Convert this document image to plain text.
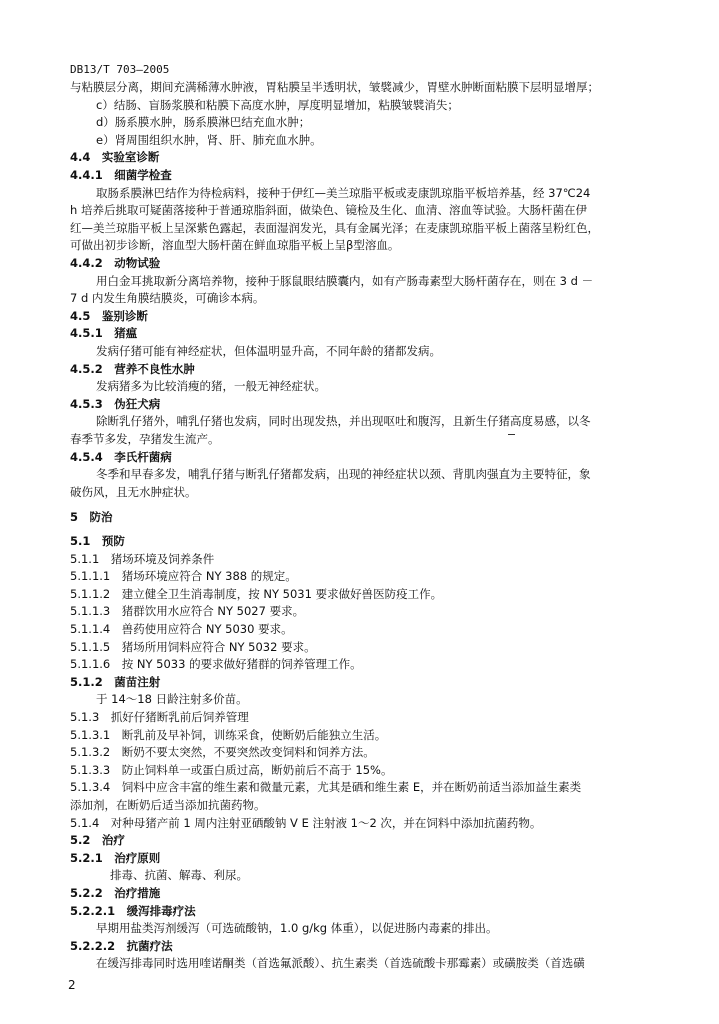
DB13/T 703—2005
与粘膜层分离，期间充满稀薄水肿液，胃粘膜呈半透明状，皱襞减少，胃壁水肿断面粘膜下层明显增厚；
c）结肠、盲肠浆膜和粘膜下高度水肿，厚度明显增加，粘膜皱襞消失；
d）肠系膜水肿，肠系膜淋巴结充血水肿；
e）肾周围组织水肿，肾、肝、肺充血水肿。
4.4　实验室诊断
4.4.1　细菌学检查
取肠系膜淋巴结作为待检病料，接种于伊红—美兰琼脂平板或麦康凯琼脂平板培养基，经 37℃24
h 培养后挑取可疑菌落接种于普通琼脂斜面，做染色、镜检及生化、血清、溶血等试验。大肠杆菌在伊
红—美兰琼脂平板上呈深紫色露起，表面湿润发光，具有金属光泽；在麦康凯琼脂平板上菌落呈粉红色，
可做出初步诊断，溶血型大肠杆菌在鲜血琼脂平板上呈β型溶血。
4.4.2　动物试验
用白金耳挑取新分离培养物，接种于豚鼠眼结膜囊内，如有产肠毒素型大肠杆菌存在，则在 3 d －
7 d 内发生角膜结膜炎，可确诊本病。
4.5　鉴别诊断
4.5.1　猪瘟
发病仔猪可能有神经症状，但体温明显升高，不同年龄的猪都发病。
4.5.2　营养不良性水肿
发病猪多为比较消瘦的猪，一般无神经症状。
4.5.3　伪狂犬病
除断乳仔猪外，哺乳仔猪也发病，同时出现发热，并出现呕吐和腹泻，且新生仔猪高度易感，以冬
春季节多发，孕猪发生流产。
4.5.4　李氏杆菌病
冬季和早春多发，哺乳仔猪与断乳仔猪都发病，出现的神经症状以颈、背肌肉强直为主要特征，象
破伤风，且无水肿症状。
5　防治
5.1　预防
5.1.1　猪场环境及饲养条件
5.1.1.1　猪场环境应符合 NY 388 的规定。
5.1.1.2　建立健全卫生消毒制度，按 NY 5031 要求做好兽医防疫工作。
5.1.1.3　猪群饮用水应符合 NY 5027 要求。
5.1.1.4　兽药使用应符合 NY 5030 要求。
5.1.1.5　猪场所用饲料应符合 NY 5032 要求。
5.1.1.6　按 NY 5033 的要求做好猪群的饲养管理工作。
5.1.2　菌苗注射
于 14～18 日龄注射多价苗。
5.1.3　抓好仔猪断乳前后饲养管理
5.1.3.1　断乳前及早补饲，训练采食，使断奶后能独立生活。
5.1.3.2　断奶不要太突然，不要突然改变饲料和饲养方法。
5.1.3.3　防止饲料单一或蛋白质过高，断奶前后不高于 15%。
5.1.3.4　饲料中应含丰富的维生素和微量元素，尤其是硒和维生素 E，并在断奶前适当添加益生素类
添加剂，在断奶后适当添加抗菌药物。
5.1.4　对种母猪产前 1 周内注射亚硒酸钠 V E 注射液 1～2 次，并在饲料中添加抗菌药物。
5.2　治疗
5.2.1　治疗原则
排毒、抗菌、解毒、利尿。
5.2.2　治疗措施
5.2.2.1　缓泻排毒疗法
早期用盐类泻剂缓泻（可选硫酸钠，1.0 g/kg 体重），以促进肠内毒素的排出。
5.2.2.2　抗菌疗法
在缓泻排毒同时选用喹诺酮类（首选氟派酸）、抗生素类（首选硫酸卡那霉素）或磺胺类（首选磺
2
